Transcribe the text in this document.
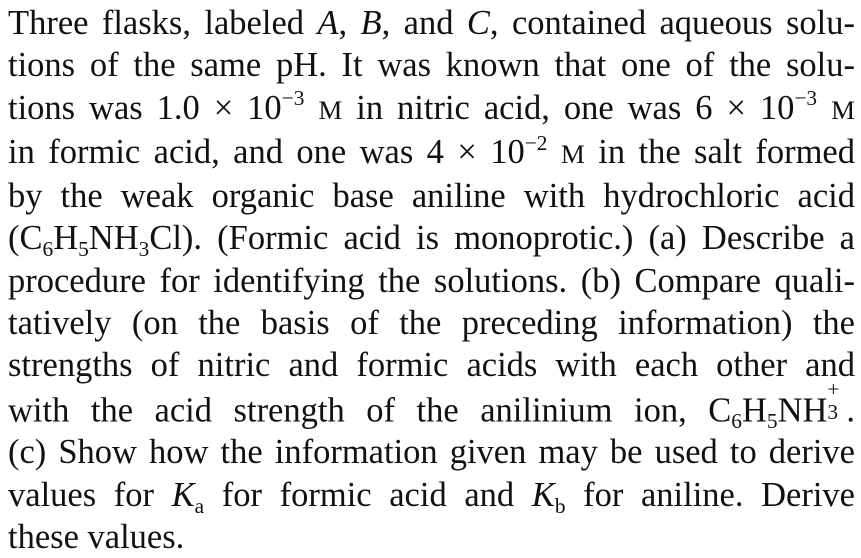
Three flasks, labeled A, B, and C, contained aqueous solu-
tions of the same pH. It was known that one of the solu-
tions was $1.0 \times 10^{-3}$ M in nitric acid, one was $6 \times 10^{-3}$ M
in formic acid, and one was $4 \times 10^{-2}$ M in the salt formed
by the weak organic base aniline with hydrochloric acid
$(C_6H_5NH_3Cl)$. (Formic acid is monoprotic.) (a) Describe a
procedure for identifying the solutions. (b) Compare quali-
tatively (on the basis of the preceding information) the
strengths of nitric and formic acids with each other and
with the acid strength of the anilinium ion, $C_6H_5NH$
+
3 .
(c) Show how the information given may be used to derive
values for $K_a$ for formic acid and $K_b$ for aniline. Derive
these values.
